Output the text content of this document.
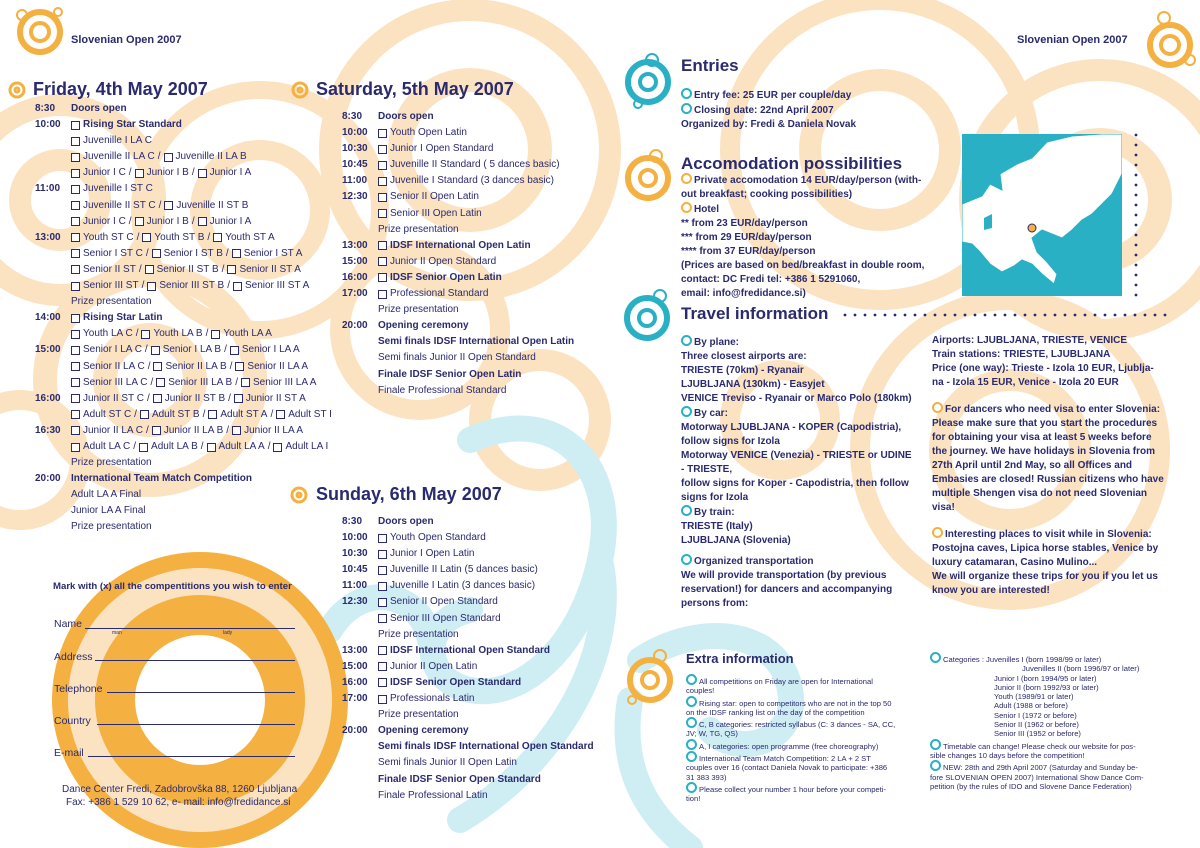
Slovenian Open 2007	Slovenian Open 2007
Friday, 4th May 2007	Saturday, 5th May 2007
Sunday, 6th May 2007
8:30	Doors open
10:00	Rising Star Standard
Juvenille I LA C
Juvenille II LA C / Juvenille II LA B
Junior I C / Junior I B / Junior I A
11:00	Juvenille I ST C
Juvenille II ST C / Juvenille II ST B
Junior I C / Junior I B / Junior I A
13:00	Youth ST C / Youth ST B / Youth ST A
Senior I ST C / Senior I ST B / Senior I ST A
Senior II ST / Senior II ST B / Senior II ST A
Senior III ST / Senior III ST B / Senior III ST A
Prize presentation
14:00	Rising Star Latin
Youth LA C / Youth LA B / Youth LA A
15:00	Senior I LA C / Senior I LA B / Senior I LA A
Senior II LA C / Senior II LA B / Senior II LA A
Senior III LA C / Senior III LA B / Senior III LA A
16:00	Junior II ST C / Junior II ST B / Junior II ST A
Adult ST C / Adult ST B / Adult ST A / Adult ST I
16:30	Junior II LA C / Junior II LA B / Junior II LA A
Adult LA C / Adult LA B / Adult LA A / Adult LA I
Prize presentation
20:00	International Team Match Competition
Adult LA A Final
Junior LA A Final
Prize presentation
8:30	Doors open
10:00	Youth Open Latin
10:30	Junior I Open Standard
10:45	Juvenille II Standard ( 5 dances basic)
11:00	Juvenille I Standard (3 dances basic)
12:30	Senior II Open Latin
Senior III Open Latin
Prize presentation
13:00	IDSF International Open Latin
15:00	Junior II Open Standard
16:00	IDSF Senior Open Latin
17:00	Professional Standard
Prize presentation
20:00	Opening ceremony
Semi finals IDSF International Open Latin
Semi finals Junior II Open Standard
Finale IDSF Senior Open Latin
Finale Professional Standard
8:30	Doors open
10:00	Youth Open Standard
10:30	Junior I Open Latin
10:45	Juvenille II Latin (5 dances basic)
11:00	Juvenille I Latin (3 dances basic)
12:30	Senior II Open Standard
Senior III Open Standard
Prize presentation
13:00	IDSF International Open Standard
15:00	Junior II Open Latin
16:00	IDSF Senior Open Standard
17:00	Professionals Latin
Prize presentation
20:00	Opening ceremony
Semi finals IDSF International Open Standard
Semi finals Junior II Open Latin
Finale IDSF Senior Open Standard
Finale Professional Latin
Mark with (x) all the compentitions you wish to enter
Name
man	lady
Address
Telephone
Country
E-mail
Dance Center Fredi, Zadobrovška 88, 1260 Ljubljana
Fax: +386 1 529 10 62, e- mail: info@fredidance.si
Entries
Entry fee: 25 EUR per couple/day
Closing date: 22nd April 2007
Organized by: Fredi & Daniela Novak
Accomodation possibilities
Private accomodation 14 EUR/day/person (with-
out breakfast; cooking possibilities)
Hotel
** from 23 EUR/day/person
*** from 29 EUR/day/person
**** from 37 EUR/day/person
(Prices are based on bed/breakfast in double room,
contact: DC Fredi tel: +386 1 5291060,
email: info@fredidance.si)
Travel information
By plane:
Three closest airports are:
TRIESTE (70km) - Ryanair
LJUBLJANA (130km) - Easyjet
VENICE Treviso - Ryanair or Marco Polo (180km)
By car:
Motorway LJUBLJANA - KOPER (Capodistria),
follow signs for Izola
Motorway VENICE (Venezia) - TRIESTE or UDINE
- TRIESTE,
follow signs for Koper - Capodistria, then follow
signs for Izola
By train:
TRIESTE (Italy)
LJUBLJANA (Slovenia)
Organized transportation
We will provide transportation (by previous
reservation!) for dancers and accompanying
persons from:
Airports: LJUBLJANA, TRIESTE, VENICE
Train stations: TRIESTE, LJUBLJANA
Price (one way): Trieste - Izola 10 EUR, Ljublja-
na - Izola 15 EUR, Venice - Izola 20 EUR
For dancers who need visa to enter Slovenia:
Please make sure that you start the procedures
for obtaining your visa at least 5 weeks before
the journey. We have holidays in Slovenia from
27th April until 2nd May, so all Offices and
Embasies are closed! Russian citizens who have
multiple Shengen visa do not need Slovenian
visa!
Interesting places to visit while in Slovenia:
Postojna caves, Lipica horse stables, Venice by
luxury catamaran, Casino Mulino...
We will organize these trips for you if you let us
know you are interested!
Extra information
All competitions on Friday are open for International
couples!
Rising star: open to competitors who are not in the top 50
on the IDSF ranking list on the day of the competition
C, B categories: restricted syllabus (C: 3 dances - SA, CC,
JV; W, TG, QS)
A, I categories: open programme (free choreography)
International Team Match Competition: 2 LA + 2 ST
couples over 16 (contact Daniela Novak to participate: +386
31 383 393)
Please collect your number 1 hour before your competi-
tion!
Categories : Juvenilles I (born 1998/99 or later)
Juvenilles II (born 1996/97 or later)
Junior I (born 1994/95 or later)
Junior II (born 1992/93 or later)
Youth (1989/91 or later)
Adult (1988 or before)
Senior I (1972 or before)
Senior II (1962 or before)
Senior III (1952 or before)
Timetable can change! Please check our website for pos-
sible changes 10 days before the competition!
NEW: 28th and 29th April 2007 (Saturday and Sunday be-
fore SLOVENIAN OPEN 2007) International Show Dance Com-
petition (by the rules of IDO and Slovene Dance Federation)
